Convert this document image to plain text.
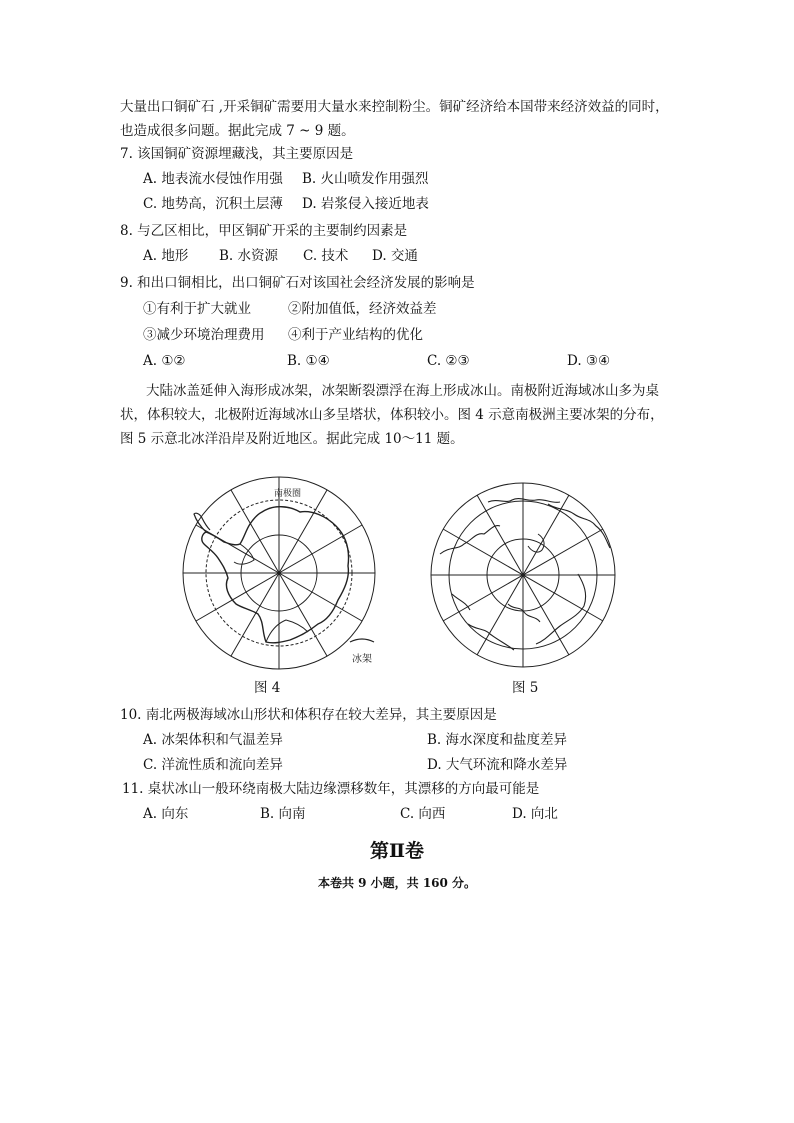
大量出口铜矿石 ,开采铜矿需要用大量水来控制粉尘。铜矿经济给本国带来经济效益的同时，
也造成很多问题。据此完成 7 ~ 9 题。
7. 该国铜矿资源埋藏浅，其主要原因是
A. 地表流水侵蚀作用强 B. 火山喷发作用强烈
C. 地势高，沉积土层薄 D. 岩浆侵入接近地表
8. 与乙区相比，甲区铜矿开采的主要制约因素是
A. 地形 B. 水资源 C. 技术 D. 交通
9. 和出口铜相比，出口铜矿石对该国社会经济发展的影响是
①有利于扩大就业	②附加值低，经济效益差
③减少环境治理费用 ④利于产业结构的优化
A. ①②	B. ①④	C. ②③	D. ③④
大陆冰盖延伸入海形成冰架，冰架断裂漂浮在海上形成冰山。南极附近海域冰山多为桌
状，体积较大，北极附近海域冰山多呈塔状，体积较小。图 4 示意南极洲主要冰架的分布，
图 5 示意北冰洋沿岸及附近地区。据此完成 10～11 题。
南极圈
冰架
图 4	图 5
10. 南北两极海域冰山形状和体积存在较大差异，其主要原因是
A. 冰架体积和气温差异	B. 海水深度和盐度差异
C. 洋流性质和流向差异	D. 大气环流和降水差异
11. 桌状冰山一般环绕南极大陆边缘漂移数年，其漂移的方向最可能是
A. 向东	B. 向南	C. 向西	D. 向北
第Ⅱ卷
本卷共 9 小题，共 160 分。
